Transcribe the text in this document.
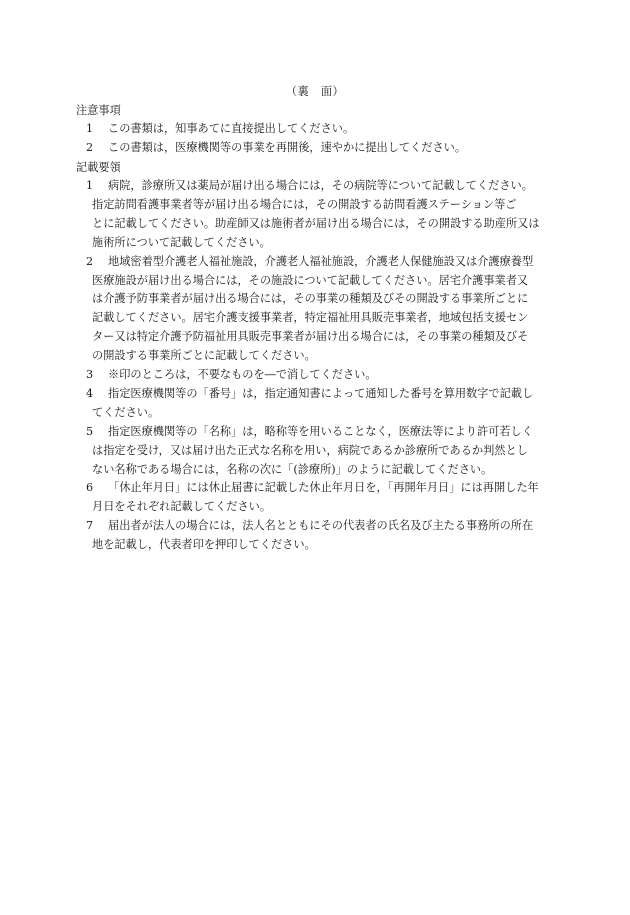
（裏　面）
注意事項
1	この書類は，知事あてに直接提出してください。
2	この書類は，医療機関等の事業を再開後，速やかに提出してください。
記載要領
1	病院，診療所又は薬局が届け出る場合には，その病院等について記載してください。
指定訪問看護事業者等が届け出る場合には，その開設する訪問看護ステーション等ご
とに記載してください。助産師又は施術者が届け出る場合には，その開設する助産所又は
施術所について記載してください。
2	地域密着型介護老人福祉施設，介護老人福祉施設，介護老人保健施設又は介護療養型
医療施設が届け出る場合には，その施設について記載してください。居宅介護事業者又
は介護予防事業者が届け出る場合には，その事業の種類及びその開設する事業所ごとに
記載してください。居宅介護支援事業者，特定福祉用具販売事業者，地域包括支援セン
ター又は特定介護予防福祉用具販売事業者が届け出る場合には，その事業の種類及びそ
の開設する事業所ごとに記載してください。
3	※印のところは，不要なものを―で消してください。
4	指定医療機関等の「番号」は，指定通知書によって通知した番号を算用数字で記載し
てください。
5	指定医療機関等の「名称」は，略称等を用いることなく，医療法等により許可若しく
は指定を受け，又は届け出た正式な名称を用い，病院であるか診療所であるか判然とし
ない名称である場合には，名称の次に「(診療所)」のように記載してください。
6	「休止年月日」には休止届書に記載した休止年月日を，「再開年月日」には再開した年
月日をそれぞれ記載してください。
7	届出者が法人の場合には，法人名とともにその代表者の氏名及び主たる事務所の所在
地を記載し，代表者印を押印してください。
